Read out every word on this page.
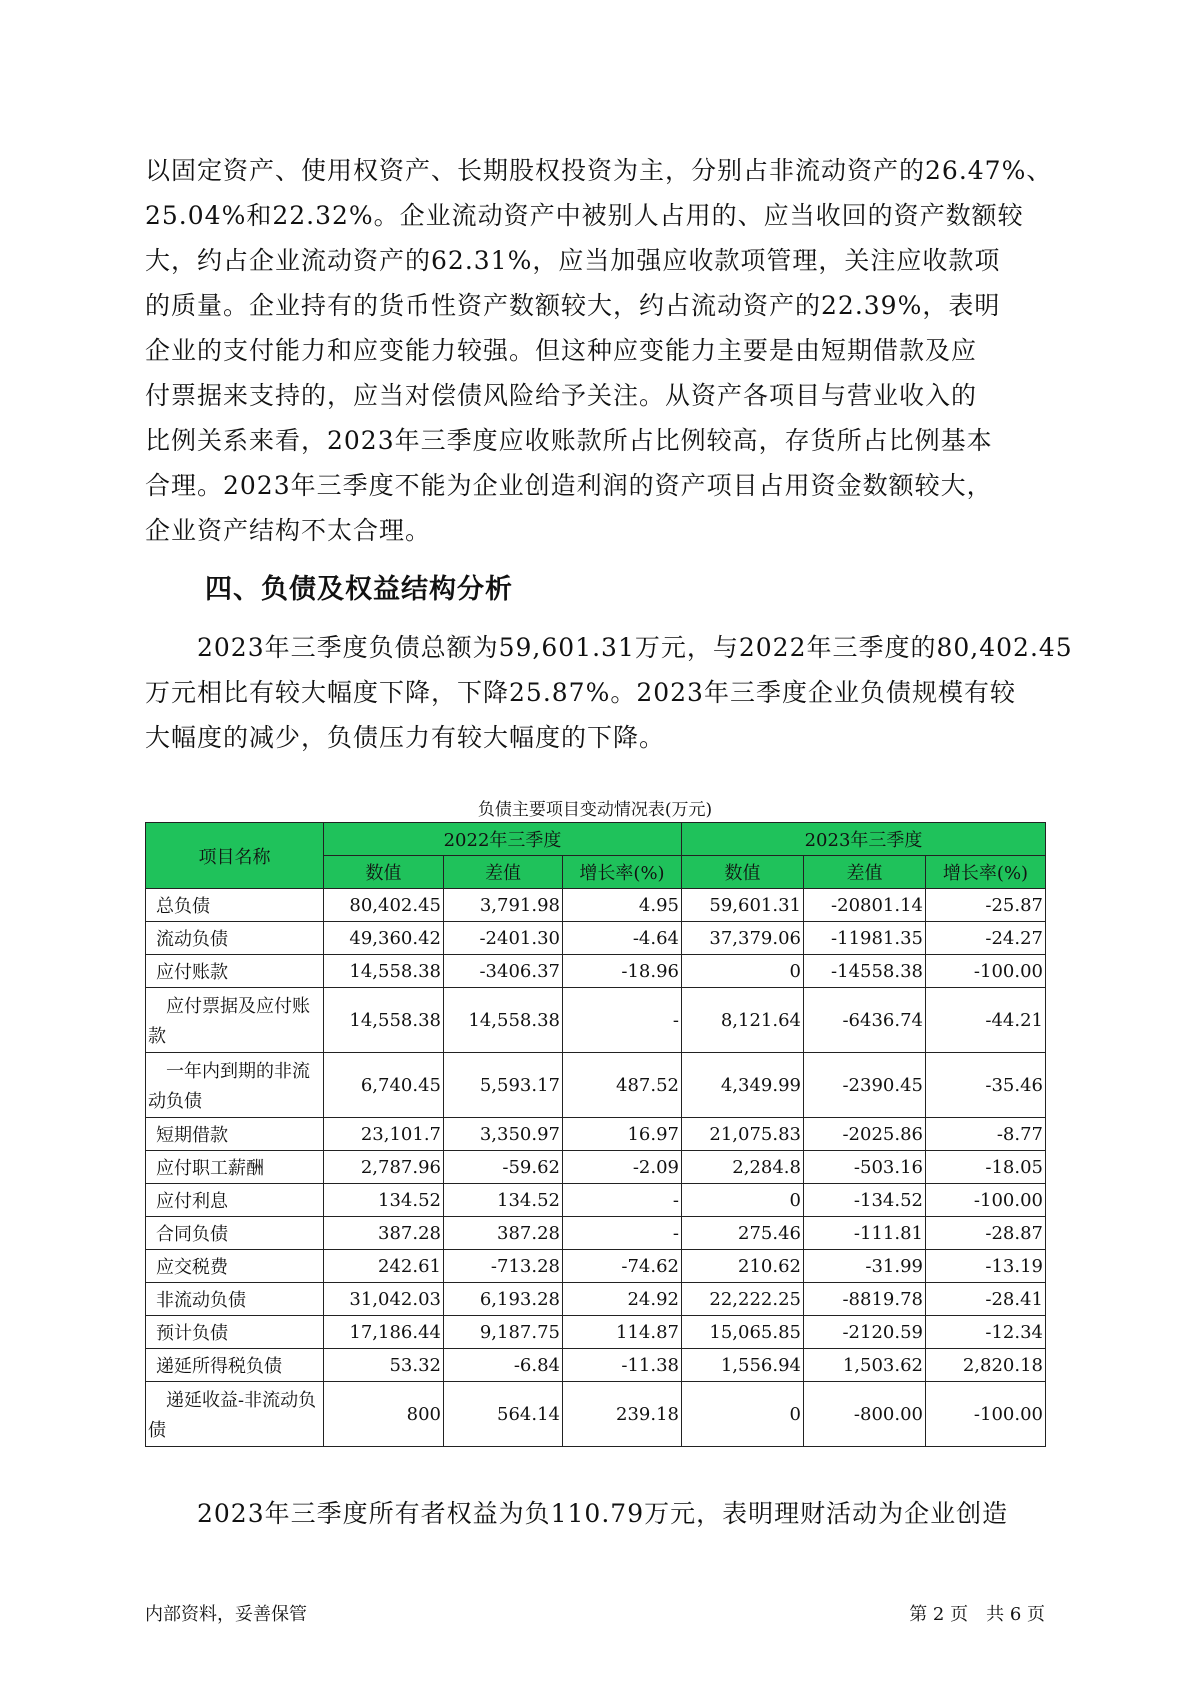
以固定资产、使用权资产、长期股权投资为主，分别占非流动资产的26.47%、
25.04%和22.32%。企业流动资产中被别人占用的、应当收回的资产数额较
大，约占企业流动资产的62.31%，应当加强应收款项管理，关注应收款项
的质量。企业持有的货币性资产数额较大，约占流动资产的22.39%，表明
企业的支付能力和应变能力较强。但这种应变能力主要是由短期借款及应
付票据来支持的，应当对偿债风险给予关注。从资产各项目与营业收入的
比例关系来看，2023年三季度应收账款所占比例较高，存货所占比例基本
合理。2023年三季度不能为企业创造利润的资产项目占用资金数额较大，
企业资产结构不太合理。
四、负债及权益结构分析
　　2023年三季度负债总额为59,601.31万元，与2022年三季度的80,402.45
万元相比有较大幅度下降，下降25.87%。2023年三季度企业负债规模有较
大幅度的减少，负债压力有较大幅度的下降。
负债主要项目变动情况表(万元)
项目名称	2022年三季度			2023年三季度		
	数值	差值	增长率(%)	数值	差值	增长率(%)
总负债	80,402.45	3,791.98	4.95	59,601.31	-20801.14	-25.87
流动负债	49,360.42	-2401.30	-4.64	37,379.06	-11981.35	-24.27
应付账款	14,558.38	-3406.37	-18.96	0	-14558.38	-100.00
　应付票据及应付账款	14,558.38	14,558.38	-	8,121.64	-6436.74	-44.21
　一年内到期的非流动负债	6,740.45	5,593.17	487.52	4,349.99	-2390.45	-35.46
短期借款	23,101.7	3,350.97	16.97	21,075.83	-2025.86	-8.77
应付职工薪酬	2,787.96	-59.62	-2.09	2,284.8	-503.16	-18.05
应付利息	134.52	134.52	-	0	-134.52	-100.00
合同负债	387.28	387.28	-	275.46	-111.81	-28.87
应交税费	242.61	-713.28	-74.62	210.62	-31.99	-13.19
非流动负债	31,042.03	6,193.28	24.92	22,222.25	-8819.78	-28.41
预计负债	17,186.44	9,187.75	114.87	15,065.85	-2120.59	-12.34
递延所得税负债	53.32	-6.84	-11.38	1,556.94	1,503.62	2,820.18
　递延收益-非流动负债	800	564.14	239.18	0	-800.00	-100.00
　　2023年三季度所有者权益为负110.79万元，表明理财活动为企业创造
内部资料，妥善保管	第 2 页　共 6 页
